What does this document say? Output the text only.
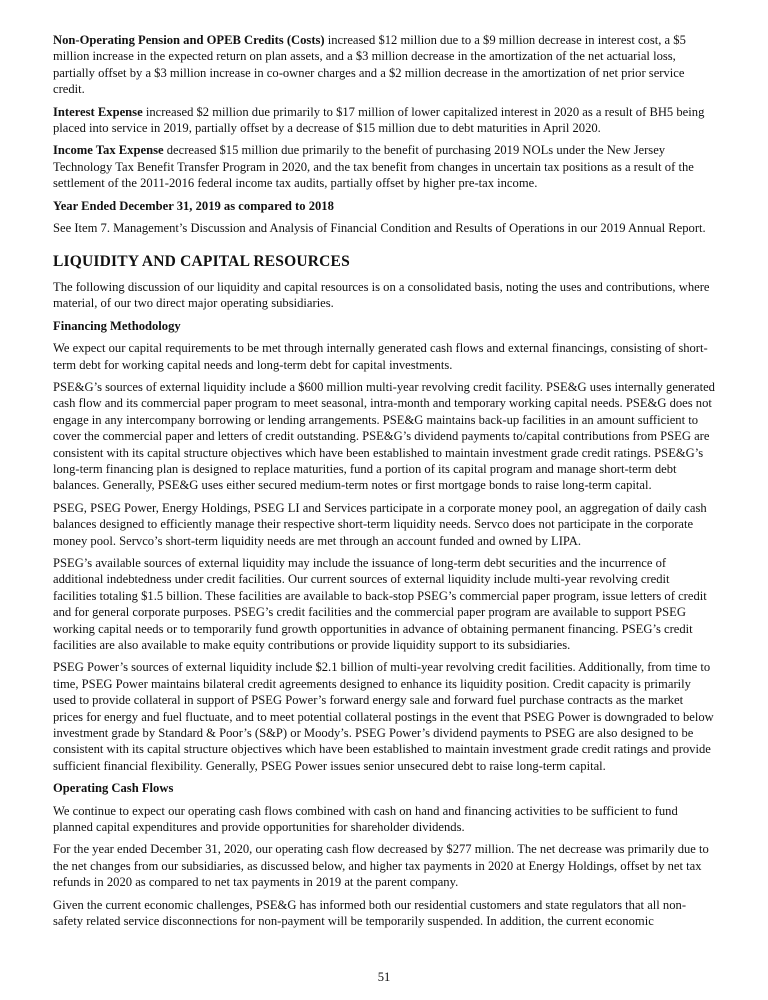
Non-Operating Pension and OPEB Credits (Costs) increased $12 million due to a $9 million decrease in interest cost, a $5 million increase in the expected return on plan assets, and a $3 million decrease in the amortization of the net actuarial loss, partially offset by a $3 million increase in co-owner charges and a $2 million decrease in the amortization of net prior service credit.

Interest Expense increased $2 million due primarily to $17 million of lower capitalized interest in 2020 as a result of BH5 being placed into service in 2019, partially offset by a decrease of $15 million due to debt maturities in April 2020.

Income Tax Expense decreased $15 million due primarily to the benefit of purchasing 2019 NOLs under the New Jersey Technology Tax Benefit Transfer Program in 2020, and the tax benefit from changes in uncertain tax positions as a result of the settlement of the 2011-2016 federal income tax audits, partially offset by higher pre-tax income.

Year Ended December 31, 2019 as compared to 2018

See Item 7. Management’s Discussion and Analysis of Financial Condition and Results of Operations in our 2019 Annual Report.

LIQUIDITY AND CAPITAL RESOURCES

The following discussion of our liquidity and capital resources is on a consolidated basis, noting the uses and contributions, where material, of our two direct major operating subsidiaries.

Financing Methodology

We expect our capital requirements to be met through internally generated cash flows and external financings, consisting of short-term debt for working capital needs and long-term debt for capital investments.

PSE&G’s sources of external liquidity include a $600 million multi-year revolving credit facility. PSE&G uses internally generated cash flow and its commercial paper program to meet seasonal, intra-month and temporary working capital needs. PSE&G does not engage in any intercompany borrowing or lending arrangements. PSE&G maintains back-up facilities in an amount sufficient to cover the commercial paper and letters of credit outstanding. PSE&G’s dividend payments to/capital contributions from PSEG are consistent with its capital structure objectives which have been established to maintain investment grade credit ratings. PSE&G’s long-term financing plan is designed to replace maturities, fund a portion of its capital program and manage short-term debt balances. Generally, PSE&G uses either secured medium-term notes or first mortgage bonds to raise long-term capital.

PSEG, PSEG Power, Energy Holdings, PSEG LI and Services participate in a corporate money pool, an aggregation of daily cash balances designed to efficiently manage their respective short-term liquidity needs. Servco does not participate in the corporate money pool. Servco’s short-term liquidity needs are met through an account funded and owned by LIPA.

PSEG’s available sources of external liquidity may include the issuance of long-term debt securities and the incurrence of additional indebtedness under credit facilities. Our current sources of external liquidity include multi-year revolving credit facilities totaling $1.5 billion. These facilities are available to back-stop PSEG’s commercial paper program, issue letters of credit and for general corporate purposes. PSEG’s credit facilities and the commercial paper program are available to support PSEG working capital needs or to temporarily fund growth opportunities in advance of obtaining permanent financing. PSEG’s credit facilities are also available to make equity contributions or provide liquidity support to its subsidiaries.

PSEG Power’s sources of external liquidity include $2.1 billion of multi-year revolving credit facilities. Additionally, from time to time, PSEG Power maintains bilateral credit agreements designed to enhance its liquidity position. Credit capacity is primarily used to provide collateral in support of PSEG Power’s forward energy sale and forward fuel purchase contracts as the market prices for energy and fuel fluctuate, and to meet potential collateral postings in the event that PSEG Power is downgraded to below investment grade by Standard & Poor’s (S&P) or Moody’s. PSEG Power’s dividend payments to PSEG are also designed to be consistent with its capital structure objectives which have been established to maintain investment grade credit ratings and provide sufficient financial flexibility. Generally, PSEG Power issues senior unsecured debt to raise long-term capital.

Operating Cash Flows

We continue to expect our operating cash flows combined with cash on hand and financing activities to be sufficient to fund planned capital expenditures and provide opportunities for shareholder dividends.

For the year ended December 31, 2020, our operating cash flow decreased by $277 million. The net decrease was primarily due to the net changes from our subsidiaries, as discussed below, and higher tax payments in 2020 at Energy Holdings, offset by net tax refunds in 2020 as compared to net tax payments in 2019 at the parent company.

Given the current economic challenges, PSE&G has informed both our residential customers and state regulators that all non-safety related service disconnections for non-payment will be temporarily suspended. In addition, the current economic

51
